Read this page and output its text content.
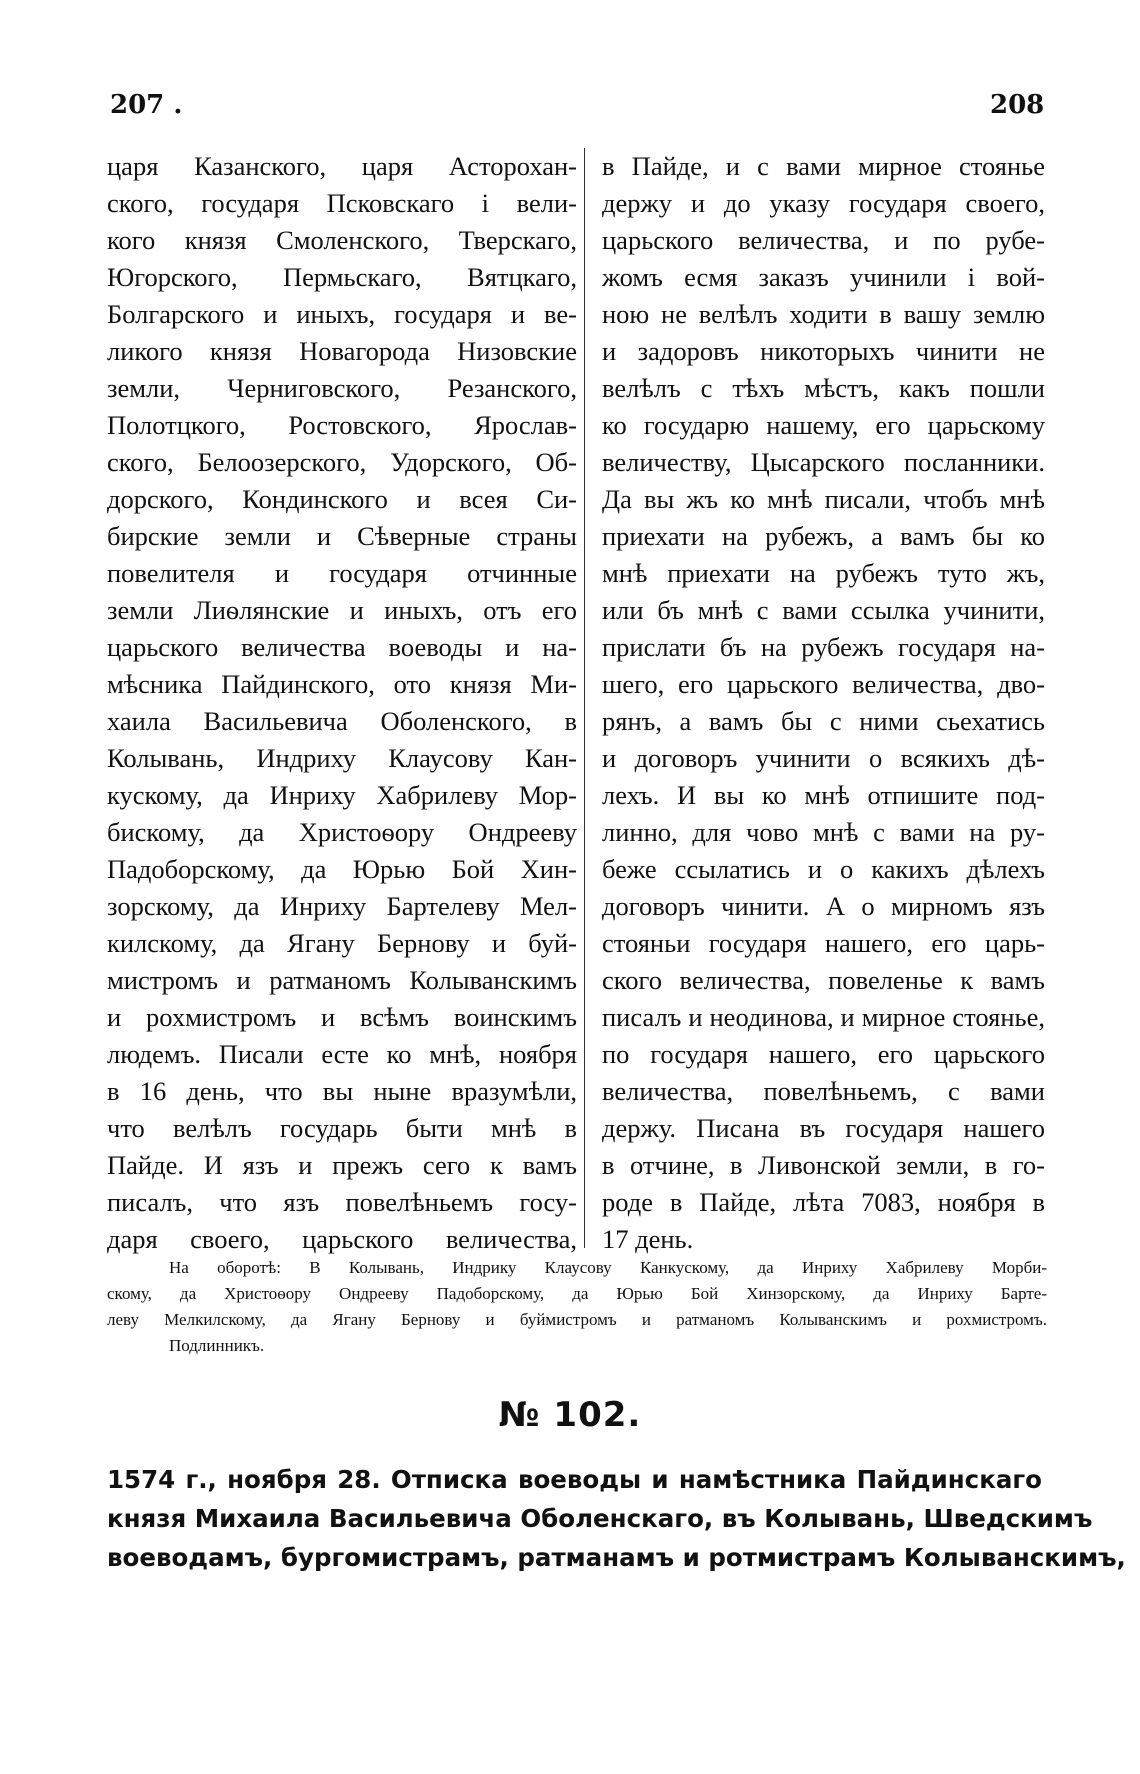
207 .	208
царя Казанского, царя Асторохан-
ского, государя Псковскаго і вели-
кого князя Смоленского, Тверскаго,
Югорского, Пермьскаго, Вятцкаго,
Болгарского и иныхъ, государя и ве-
ликого князя Новагорода Низовские
земли, Черниговского, Резанского,
Полотцкого, Ростовского, Ярослав-
ского, Белоозерского, Удорского, Об-
дорского, Кондинского и всея Си-
бирские земли и Сѣверные страны
повелителя и государя отчинные
земли Лиѳлянские и иныхъ, отъ его
царьского величества воеводы и на-
мѣсника Пайдинского, ото князя Ми-
хаила Васильевича Оболенского, в
Колывань, Индриху Клаусову Кан-
кускому, да Инриху Хабрилеву Мор-
бискому, да Христоѳору Ондрееву
Падоборскому, да Юрью Бой Хин-
зорскому, да Инриху Бартелеву Мел-
килскому, да Ягану Бернову и буй-
мистромъ и ратманомъ Колыванскимъ
и рохмистромъ и всѣмъ воинскимъ
людемъ. Писали есте ко мнѣ, ноября
в 16 день, что вы ныне вразумѣли,
что велѣлъ государь быти мнѣ в
Пайде. И язъ и прежъ сего к вамъ
писалъ, что язъ повелѣньемъ госу-
даря своего, царьского величества,
в Пайде, и с вами мирное стоянье
держу и до указу государя своего,
царьского величества, и по рубе-
жомъ есмя заказъ учинили і вой-
ною не велѣлъ ходити в вашу землю
и задоровъ никоторыхъ чинити не
велѣлъ с тѣхъ мѣстъ, какъ пошли
ко государю нашему, его царьскому
величеству, Цысарского посланники.
Да вы жъ ко мнѣ писали, чтобъ мнѣ
приехати на рубежъ, а вамъ бы ко
мнѣ приехати на рубежъ туто жъ,
или бъ мнѣ с вами ссылка учинити,
прислати бъ на рубежъ государя на-
шего, его царьского величества, дво-
рянъ, а вамъ бы с ними сьехатись
и договоръ учинити о всякихъ дѣ-
лехъ. И вы ко мнѣ отпишите под-
линно, для чово мнѣ с вами на ру-
беже ссылатись и о какихъ дѣлехъ
договоръ чинити. А о мирномъ язъ
стояньи государя нашего, его царь-
ского величества, повеленье к вамъ
писалъ и неодинова, и мирное стоянье,
по государя нашего, его царьского
величества, повелѣньемъ, с вами
держу. Писана въ государя нашего
в отчине, в Ливонской земли, в го-
роде в Пайде, лѣта 7083, ноября в
17 день.
На оборотѣ: В Колывань, Индрику Клаусову Канкускому, да Инриху Хабрилеву Морби-
скому, да Христоѳору Ондрееву Падоборскому, да Юрью Бой Хинзорскому, да Инриху Барте-
леву Мелкилскому, да Ягану Бернову и буймистромъ и ратманомъ Колыванскимъ и рохмистромъ.
Подлинникъ.
№ 102.
1574 г., ноября 28. Отписка воеводы и намѣстника Пайдинскаго
князя Михаила Васильевича Оболенскаго, въ Колывань, Шведскимъ
воеводамъ, бургомистрамъ, ратманамъ и ротмистрамъ Колыванскимъ,
